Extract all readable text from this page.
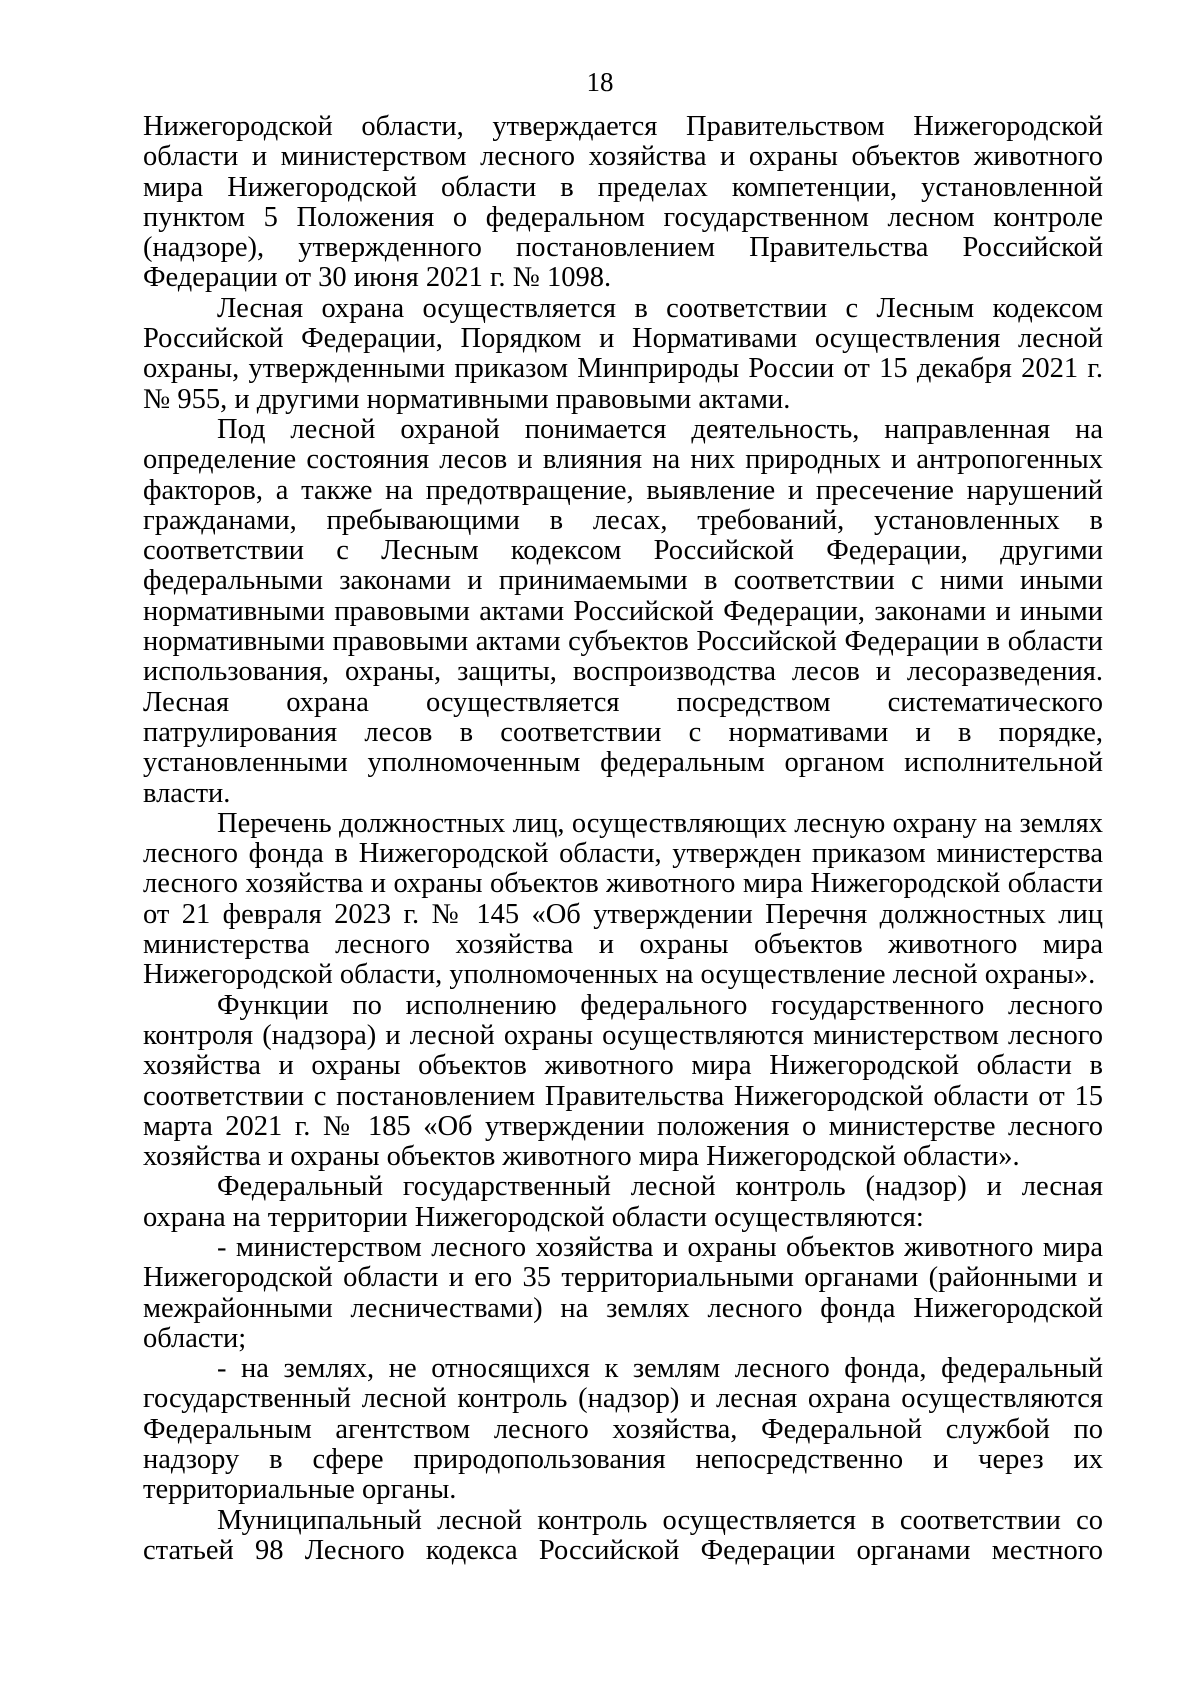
18

Нижегородской области, утверждается Правительством Нижегородской области и министерством лесного хозяйства и охраны объектов животного мира Нижегородской области в пределах компетенции, установленной пунктом 5 Положения о федеральном государственном лесном контроле (надзоре), утвержденного постановлением Правительства Российской Федерации от 30 июня 2021 г. № 1098.

Лесная охрана осуществляется в соответствии с Лесным кодексом Российской Федерации, Порядком и Нормативами осуществления лесной охраны, утвержденными приказом Минприроды России от 15 декабря 2021 г. № 955, и другими нормативными правовыми актами.

Под лесной охраной понимается деятельность, направленная на определение состояния лесов и влияния на них природных и антропогенных факторов, а также на предотвращение, выявление и пресечение нарушений гражданами, пребывающими в лесах, требований, установленных в соответствии с Лесным кодексом Российской Федерации, другими федеральными законами и принимаемыми в соответствии с ними иными нормативными правовыми актами Российской Федерации, законами и иными нормативными правовыми актами субъектов Российской Федерации в области использования, охраны, защиты, воспроизводства лесов и лесоразведения. Лесная охрана осуществляется посредством систематического патрулирования лесов в соответствии с нормативами и в порядке, установленными уполномоченным федеральным органом исполнительной власти.

Перечень должностных лиц, осуществляющих лесную охрану на землях лесного фонда в Нижегородской области, утвержден приказом министерства лесного хозяйства и охраны объектов животного мира Нижегородской области от 21 февраля 2023 г. № 145 «Об утверждении Перечня должностных лиц министерства лесного хозяйства и охраны объектов животного мира Нижегородской области, уполномоченных на осуществление лесной охраны».

Функции по исполнению федерального государственного лесного контроля (надзора) и лесной охраны осуществляются министерством лесного хозяйства и охраны объектов животного мира Нижегородской области в соответствии с постановлением Правительства Нижегородской области от 15 марта 2021 г. № 185 «Об утверждении положения о министерстве лесного хозяйства и охраны объектов животного мира Нижегородской области».

Федеральный государственный лесной контроль (надзор) и лесная охрана на территории Нижегородской области осуществляются:

- министерством лесного хозяйства и охраны объектов животного мира Нижегородской области и его 35 территориальными органами (районными и межрайонными лесничествами) на землях лесного фонда Нижегородской области;

- на землях, не относящихся к землям лесного фонда, федеральный государственный лесной контроль (надзор) и лесная охрана осуществляются Федеральным агентством лесного хозяйства, Федеральной службой по надзору в сфере природопользования непосредственно и через их территориальные органы.

Муниципальный лесной контроль осуществляется в соответствии со статьей 98 Лесного кодекса Российской Федерации органами местного
